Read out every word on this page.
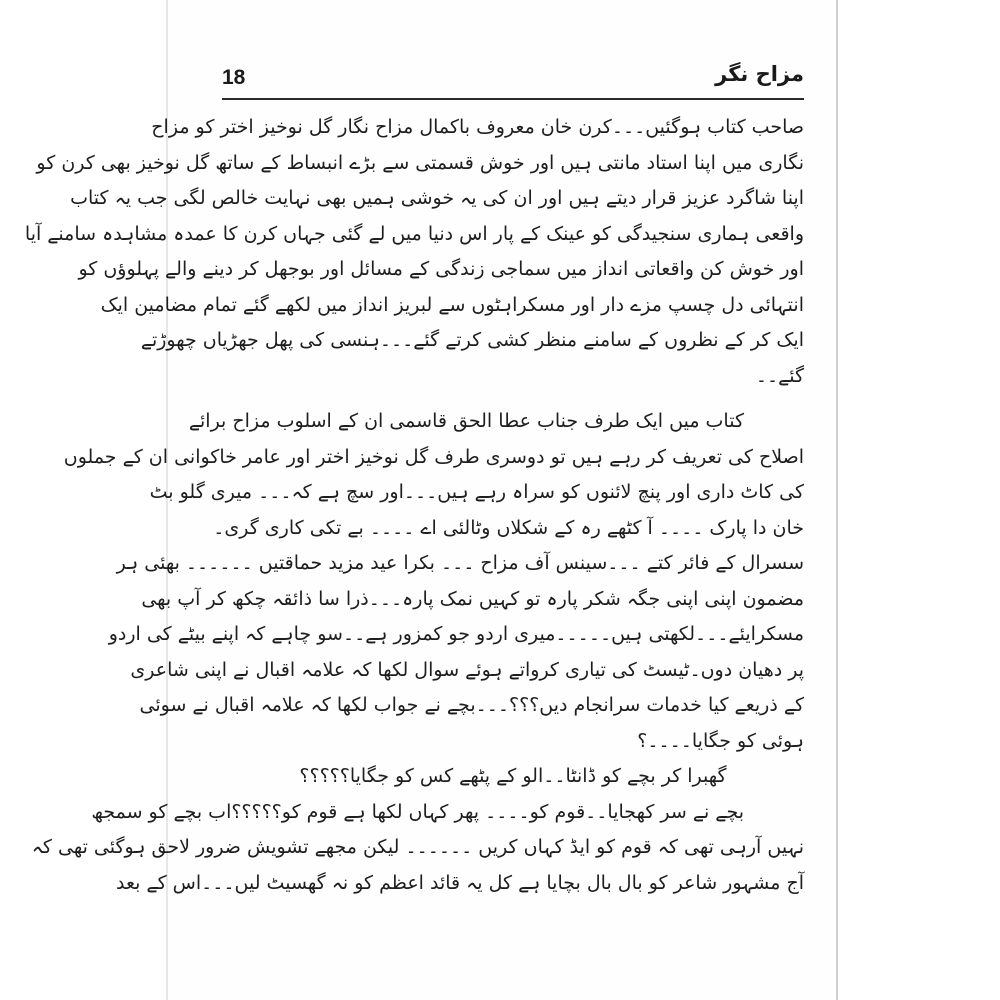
18	مزاح نگر
صاحب کتاب ہوگئیں۔۔۔کرن خان معروف باکمال مزاح نگار گل نوخیز اختر کو مزاح
نگاری میں اپنا استاد مانتی ہیں اور خوش قسمتی سے بڑے انبساط کے ساتھ گل نوخیز بھی کرن کو
اپنا شاگرد عزیز قرار دیتے ہیں اور ان کی یہ خوشی ہمیں بھی نہایت خالص لگی جب یہ کتاب
واقعی ہماری سنجیدگی کو عینک کے پار اس دنیا میں لے گئی جہاں کرن کا عمدہ مشاہدہ سامنے آیا
اور خوش کن واقعاتی انداز میں سماجی زندگی کے مسائل اور بوجھل کر دینے والے پہلوؤں کو
انتہائی دل چسپ مزے دار اور مسکراہٹوں سے لبریز انداز میں لکھے گئے تمام مضامین ایک
ایک کر کے نظروں کے سامنے منظر کشی کرتے گئے۔۔۔ہنسی کی پھل جھڑیاں چھوڑتے
گئے۔۔
کتاب میں ایک طرف جناب عطا الحق قاسمی ان کے اسلوب مزاح برائے
اصلاح کی تعریف کر رہے ہیں تو دوسری طرف گل نوخیز اختر اور عامر خاکوانی ان کے جملوں
کی کاٹ داری اور پنچ لائنوں کو سراہ رہے ہیں۔۔۔اور سچ ہے کہ۔۔۔ میری گلو بٹ
خان دا پارک ۔۔۔۔ آ کٹھے رہ کے شکلاں وٹالئی اے ۔۔۔۔ بے تکی کاری گری۔
سسرال کے فائر کتے ۔۔۔سینس آف مزاح ۔۔۔ بکرا عید مزید حماقتیں ۔۔۔۔۔۔ بھئی ہر
مضمون اپنی اپنی جگہ شکر پارہ تو کہیں نمک پارہ۔۔۔ذرا سا ذائقہ چکھ کر آپ بھی
مسکرایئے۔۔۔لکھتی ہیں۔۔۔۔۔میری اردو جو کمزور ہے۔۔سو چاہے کہ اپنے بیٹے کی اردو
پر دھیان دوں۔ٹیسٹ کی تیاری کرواتے ہوئے سوال لکھا کہ علامہ اقبال نے اپنی شاعری
کے ذریعے کیا خدمات سرانجام دیں؟؟؟۔۔۔بچے نے جواب لکھا کہ علامہ اقبال نے سوئی
ہوئی کو جگایا۔۔۔۔؟
گھبرا کر بچے کو ڈانٹا۔۔الو کے پٹھے کس کو جگایا؟؟؟؟؟
بچے نے سر کھجایا۔۔قوم کو۔۔۔۔ پھر کہاں لکھا ہے قوم کو؟؟؟؟؟اب بچے کو سمجھ
نہیں آرہی تھی کہ قوم کو ایڈ کہاں کریں ۔۔۔۔۔۔ لیکن مجھے تشویش ضرور لاحق ہوگئی تھی کہ
آج مشہور شاعر کو بال بال بچایا ہے کل یہ قائد اعظم کو نہ گھسیٹ لیں۔۔۔اس کے بعد
